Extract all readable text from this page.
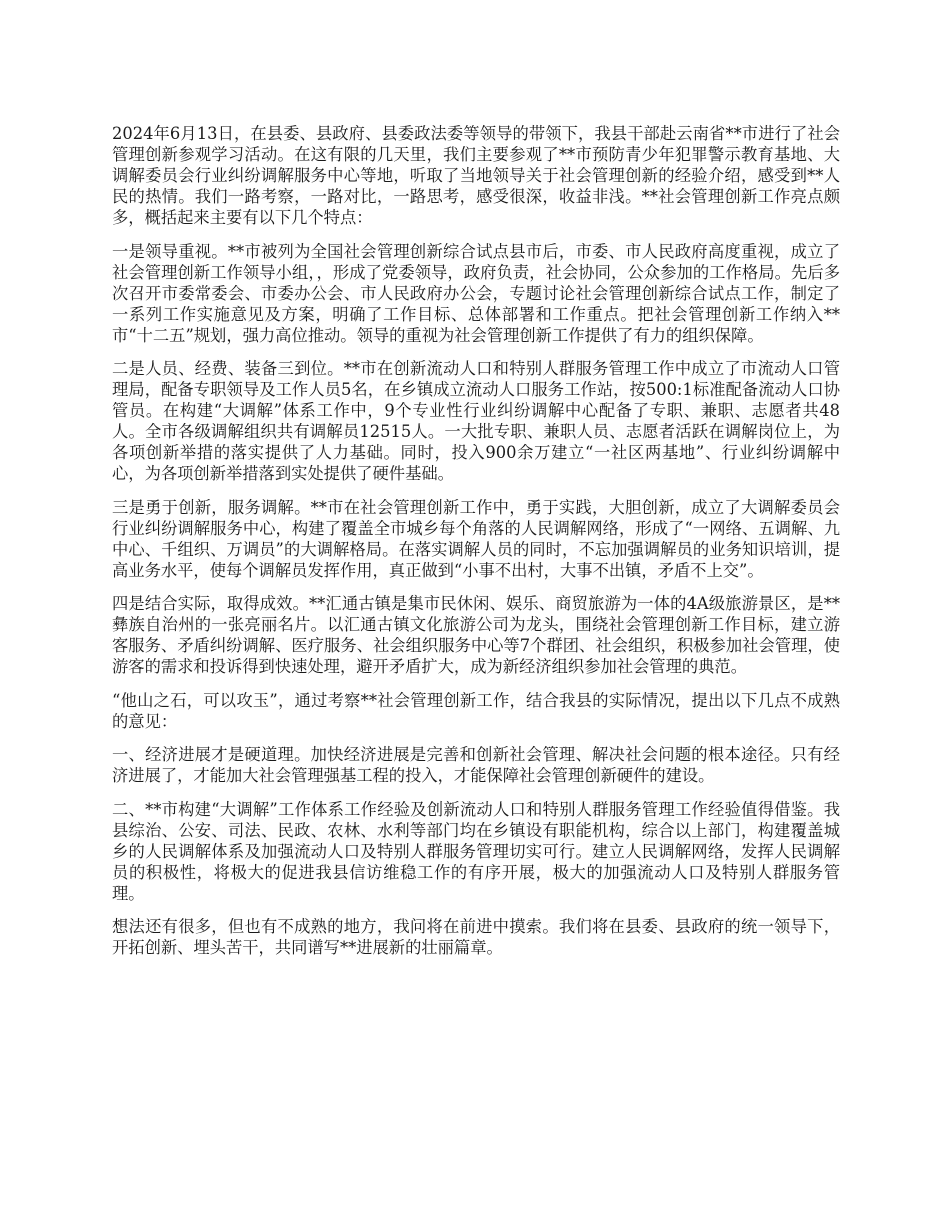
2024年6月13日，在县委、县政府、县委政法委等领导的带领下，我县干部赴云南省**市进行了社会管理创新参观学习活动。在这有限的几天里，我们主要参观了**市预防青少年犯罪警示教育基地、大调解委员会行业纠纷调解服务中心等地，听取了当地领导关于社会管理创新的经验介绍，感受到**人民的热情。我们一路考察，一路对比，一路思考，感受很深，收益非浅。**社会管理创新工作亮点颇多，概括起来主要有以下几个特点：

一是领导重视。**市被列为全国社会管理创新综合试点县市后，市委、市人民政府高度重视，成立了社会管理创新工作领导小组，，形成了党委领导，政府负责，社会协同，公众参加的工作格局。先后多次召开市委常委会、市委办公会、市人民政府办公会，专题讨论社会管理创新综合试点工作，制定了一系列工作实施意见及方案，明确了工作目标、总体部署和工作重点。把社会管理创新工作纳入**市“十二五”规划，强力高位推动。领导的重视为社会管理创新工作提供了有力的组织保障。

二是人员、经费、装备三到位。**市在创新流动人口和特别人群服务管理工作中成立了市流动人口管理局，配备专职领导及工作人员5名，在乡镇成立流动人口服务工作站，按500:1标准配备流动人口协管员。在构建“大调解”体系工作中，9个专业性行业纠纷调解中心配备了专职、兼职、志愿者共48人。全市各级调解组织共有调解员12515人。一大批专职、兼职人员、志愿者活跃在调解岗位上，为各项创新举措的落实提供了人力基础。同时，投入900余万建立“一社区两基地”、行业纠纷调解中心，为各项创新举措落到实处提供了硬件基础。

三是勇于创新，服务调解。**市在社会管理创新工作中，勇于实践，大胆创新，成立了大调解委员会行业纠纷调解服务中心，构建了覆盖全市城乡每个角落的人民调解网络，形成了“一网络、五调解、九中心、千组织、万调员”的大调解格局。在落实调解人员的同时，不忘加强调解员的业务知识培训，提高业务水平，使每个调解员发挥作用，真正做到“小事不出村，大事不出镇，矛盾不上交”。

四是结合实际，取得成效。**汇通古镇是集市民休闲、娱乐、商贸旅游为一体的4A级旅游景区，是**彝族自治州的一张亮丽名片。以汇通古镇文化旅游公司为龙头，围绕社会管理创新工作目标，建立游客服务、矛盾纠纷调解、医疗服务、社会组织服务中心等7个群团、社会组织，积极参加社会管理，使游客的需求和投诉得到快速处理，避开矛盾扩大，成为新经济组织参加社会管理的典范。

“他山之石，可以攻玉”，通过考察**社会管理创新工作，结合我县的实际情况，提出以下几点不成熟的意见：

一、经济进展才是硬道理。加快经济进展是完善和创新社会管理、解决社会问题的根本途径。只有经济进展了，才能加大社会管理强基工程的投入，才能保障社会管理创新硬件的建设。

二、**市构建“大调解”工作体系工作经验及创新流动人口和特别人群服务管理工作经验值得借鉴。我县综治、公安、司法、民政、农林、水利等部门均在乡镇设有职能机构，综合以上部门，构建覆盖城乡的人民调解体系及加强流动人口及特别人群服务管理切实可行。建立人民调解网络，发挥人民调解员的积极性，将极大的促进我县信访维稳工作的有序开展，极大的加强流动人口及特别人群服务管理。

想法还有很多，但也有不成熟的地方，我问将在前进中摸索。我们将在县委、县政府的统一领导下，开拓创新、埋头苦干，共同谱写**进展新的壮丽篇章。
